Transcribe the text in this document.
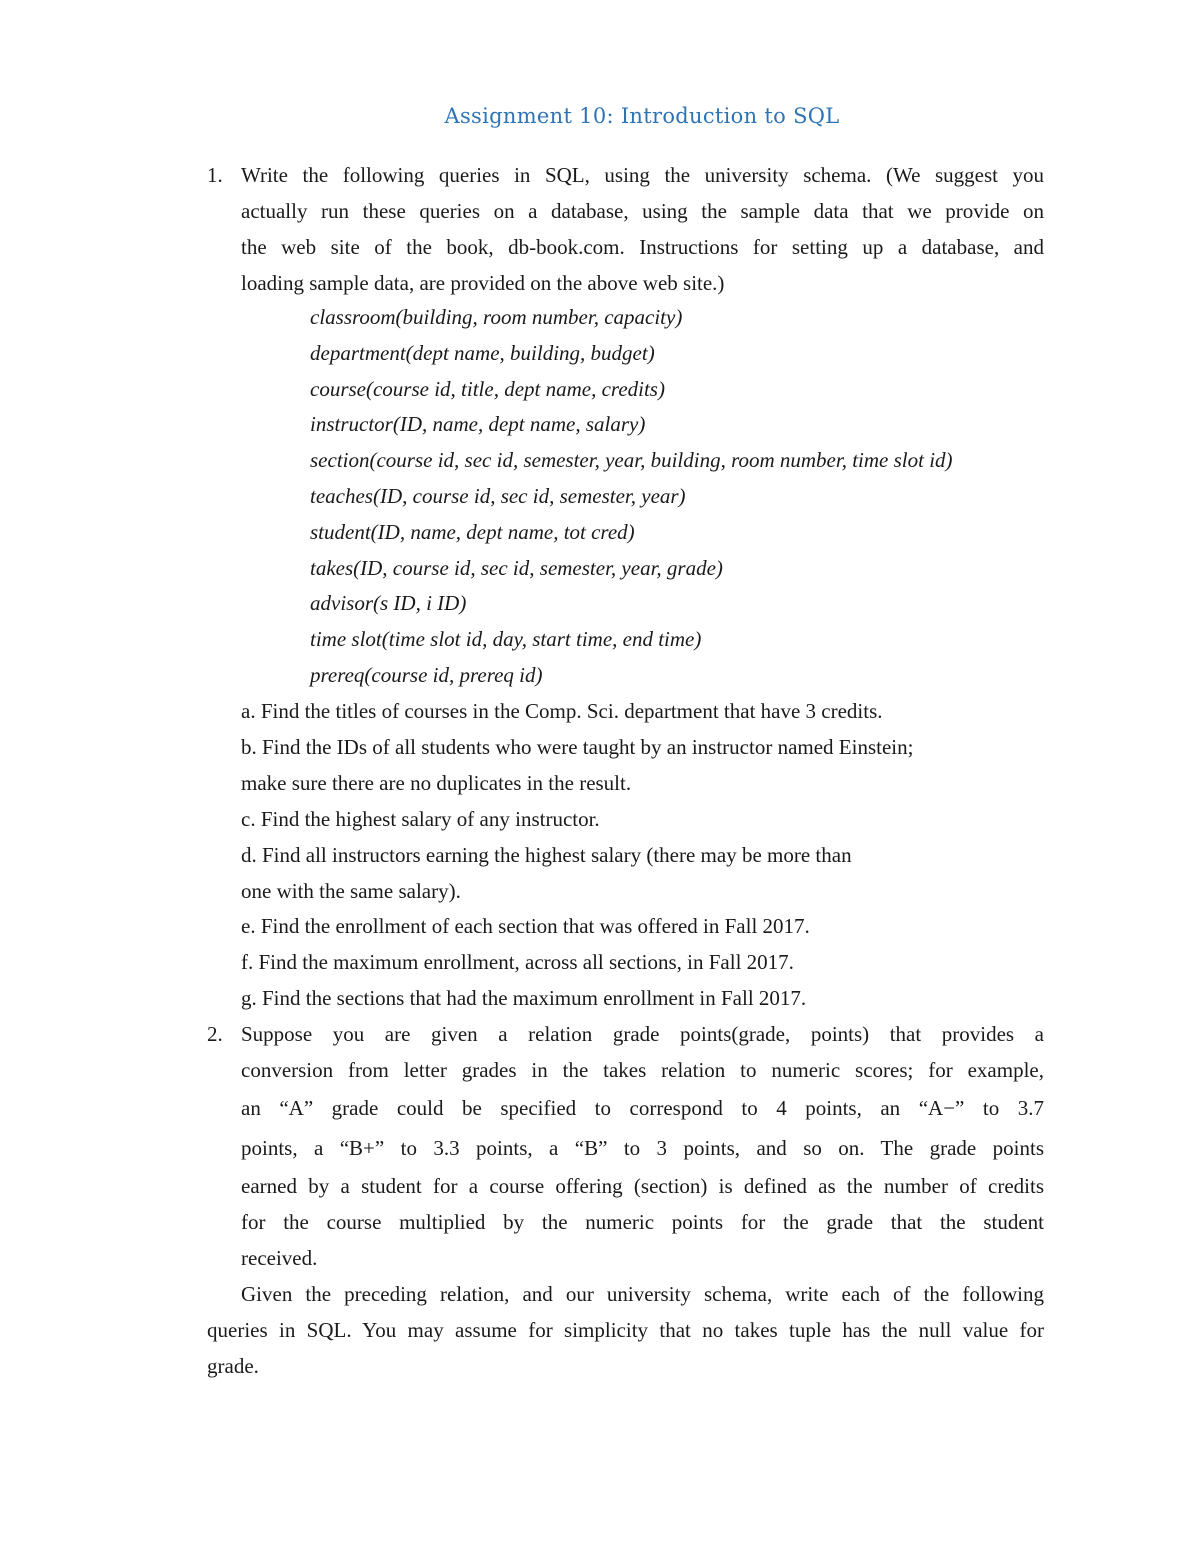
Assignment 10: Introduction to SQL
1. Write the following queries in SQL, using the university schema. (We suggest you
actually run these queries on a database, using the sample data that we provide on
the web site of the book, db-book.com. Instructions for setting up a database, and
loading sample data, are provided on the above web site.)
classroom(building, room number, capacity)
department(dept name, building, budget)
course(course id, title, dept name, credits)
instructor(ID, name, dept name, salary)
section(course id, sec id, semester, year, building, room number, time slot id)
teaches(ID, course id, sec id, semester, year)
student(ID, name, dept name, tot cred)
takes(ID, course id, sec id, semester, year, grade)
advisor(s ID, i ID)
time slot(time slot id, day, start time, end time)
prereq(course id, prereq id)
a. Find the titles of courses in the Comp. Sci. department that have 3 credits.
b. Find the IDs of all students who were taught by an instructor named Einstein;
make sure there are no duplicates in the result.
c. Find the highest salary of any instructor.
d. Find all instructors earning the highest salary (there may be more than
one with the same salary).
e. Find the enrollment of each section that was offered in Fall 2017.
f. Find the maximum enrollment, across all sections, in Fall 2017.
g. Find the sections that had the maximum enrollment in Fall 2017.
2. Suppose you are given a relation grade points(grade, points) that provides a
conversion from letter grades in the takes relation to numeric scores; for example,
an “A” grade could be specified to correspond to 4 points, an “A−” to 3.7
points, a “B+” to 3.3 points, a “B” to 3 points, and so on. The grade points
earned by a student for a course offering (section) is defined as the number of credits
for the course multiplied by the numeric points for the grade that the student
received.
Given the preceding relation, and our university schema, write each of the following
queries in SQL. You may assume for simplicity that no takes tuple has the null value for
grade.
